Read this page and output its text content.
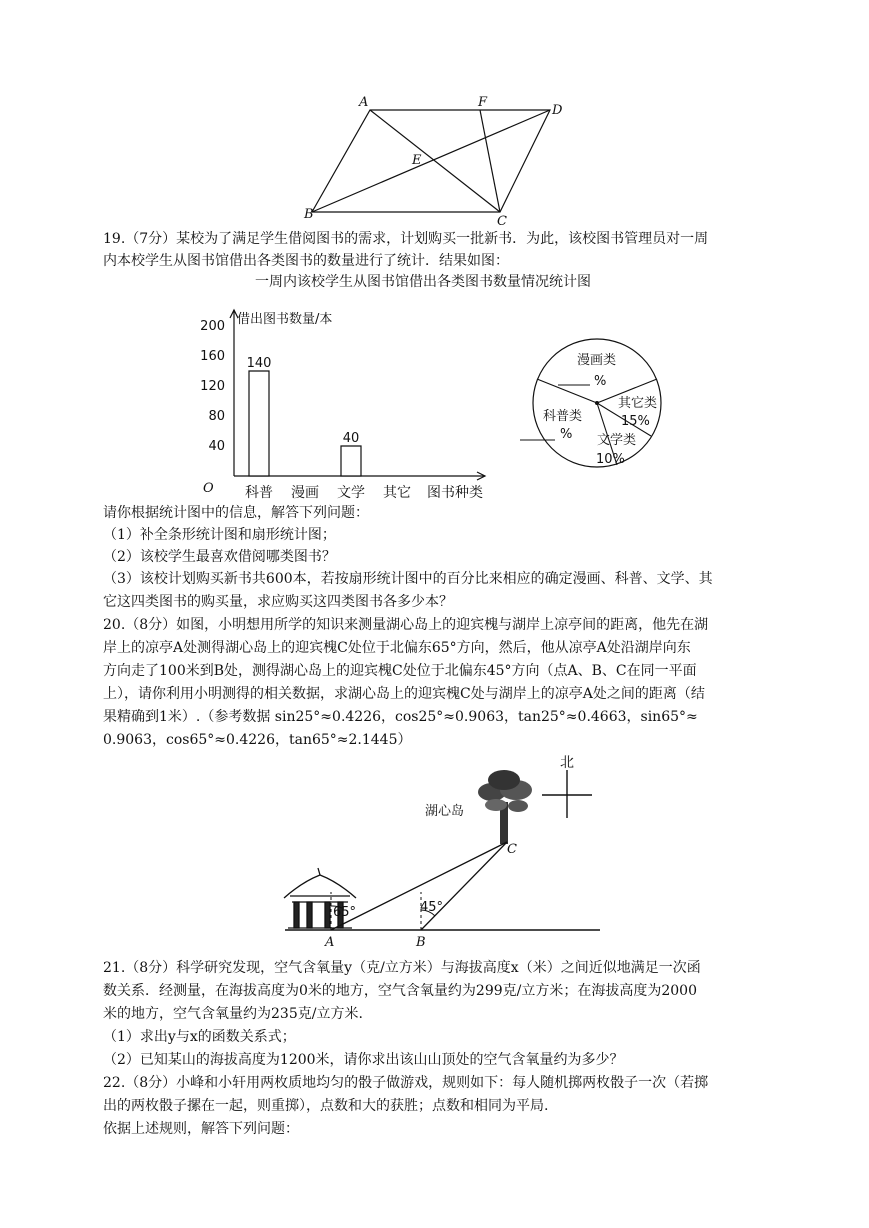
A	F
D
E
B	C
19.（7分）某校为了满足学生借阅图书的需求，计划购买一批新书．为此，该校图书管理员对一周
内本校学生从图书馆借出各类图书的数量进行了统计．结果如图：
一周内该校学生从图书馆借出各类图书数量情况统计图
200
160
120
80
40
140
40
科普 漫画 文学 其它
借出图书数量/本
O	图书种类
漫画类
%
其它类
15%
文学类
10%
科普类
%
请你根据统计图中的信息，解答下列问题：
（1）补全条形统计图和扇形统计图；
（2）该校学生最喜欢借阅哪类图书？
（3）该校计划购买新书共600本，若按扇形统计图中的百分比来相应的确定漫画、科普、文学、其
它这四类图书的购买量，求应购买这四类图书各多少本？
20.（8分）如图，小明想用所学的知识来测量湖心岛上的迎宾槐与湖岸上凉亭间的距离，他先在湖
岸上的凉亭A处测得湖心岛上的迎宾槐C处位于北偏东65°方向，然后，他从凉亭A处沿湖岸向东
方向走了100米到B处，测得湖心岛上的迎宾槐C处位于北偏东45°方向（点A、B、C在同一平面
上），请你利用小明测得的相关数据，求湖心岛上的迎宾槐C处与湖岸上的凉亭A处之间的距离（结
果精确到1米）.（参考数据 sin25°≈0.4226，cos25°≈0.9063，tan25°≈0.4663，sin65°≈
0.9063，cos65°≈0.4226，tan65°≈2.1445）
北
湖心岛
65°	45°
C
A	B
21.（8分）科学研究发现，空气含氧量y（克/立方米）与海拔高度x（米）之间近似地满足一次函
数关系．经测量，在海拔高度为0米的地方，空气含氧量约为299克/立方米；在海拔高度为2000
米的地方，空气含氧量约为235克/立方米.
（1）求出y与x的函数关系式；
（2）已知某山的海拔高度为1200米，请你求出该山山顶处的空气含氧量约为多少？
22.（8分）小峰和小轩用两枚质地均匀的骰子做游戏，规则如下：每人随机掷两枚骰子一次（若掷
出的两枚骰子摞在一起，则重掷），点数和大的获胜；点数和相同为平局.
依据上述规则，解答下列问题：
